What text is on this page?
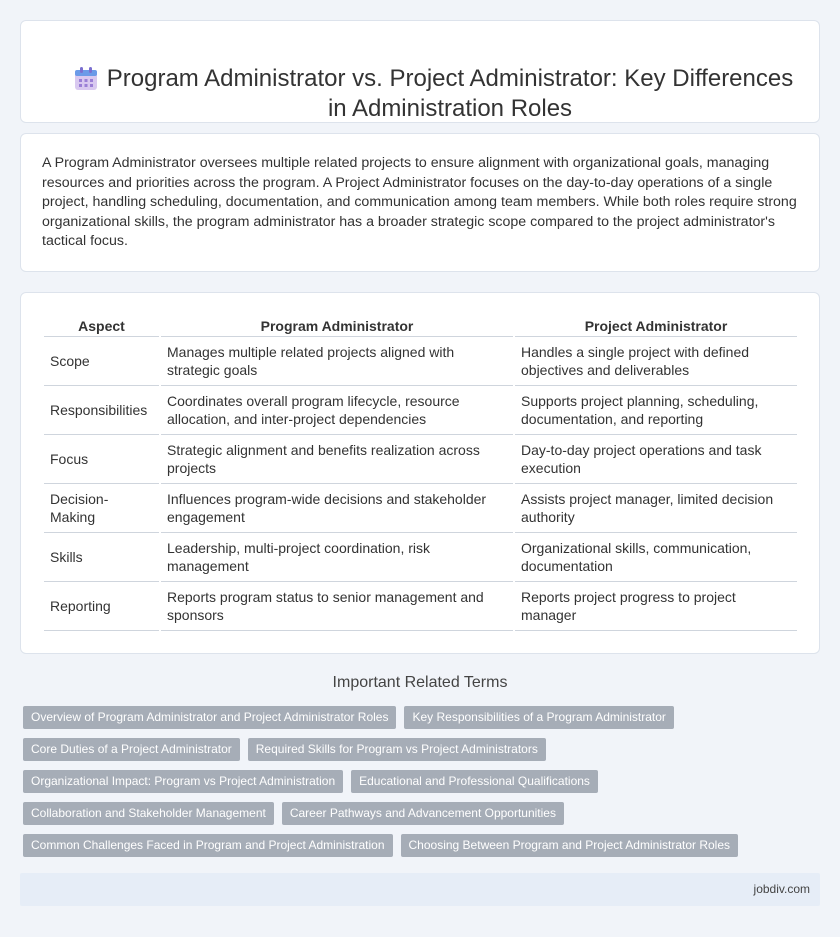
Program Administrator vs. Project Administrator: Key Differences in Administration Roles

A Program Administrator oversees multiple related projects to ensure alignment with organizational goals, managing resources and priorities across the program. A Project Administrator focuses on the day-to-day operations of a single project, handling scheduling, documentation, and communication among team members. While both roles require strong organizational skills, the program administrator has a broader strategic scope compared to the project administrator's tactical focus.

Aspect	Program Administrator	Project Administrator
Scope	Manages multiple related projects aligned with strategic goals	Handles a single project with defined objectives and deliverables
Responsibilities	Coordinates overall program lifecycle, resource allocation, and inter-project dependencies	Supports project planning, scheduling, documentation, and reporting
Focus	Strategic alignment and benefits realization across projects	Day-to-day project operations and task execution
Decision-Making	Influences program-wide decisions and stakeholder engagement	Assists project manager, limited decision authority
Skills	Leadership, multi-project coordination, risk management	Organizational skills, communication, documentation
Reporting	Reports program status to senior management and sponsors	Reports project progress to project manager
Important Related Terms
Overview of Program Administrator and Project Administrator Roles	Key Responsibilities of a Program Administrator
Core Duties of a Project Administrator	Required Skills for Program vs Project Administrators
Organizational Impact: Program vs Project Administration	Educational and Professional Qualifications
Collaboration and Stakeholder Management	Career Pathways and Advancement Opportunities
Common Challenges Faced in Program and Project Administration	Choosing Between Program and Project Administrator Roles
jobdiv.com
